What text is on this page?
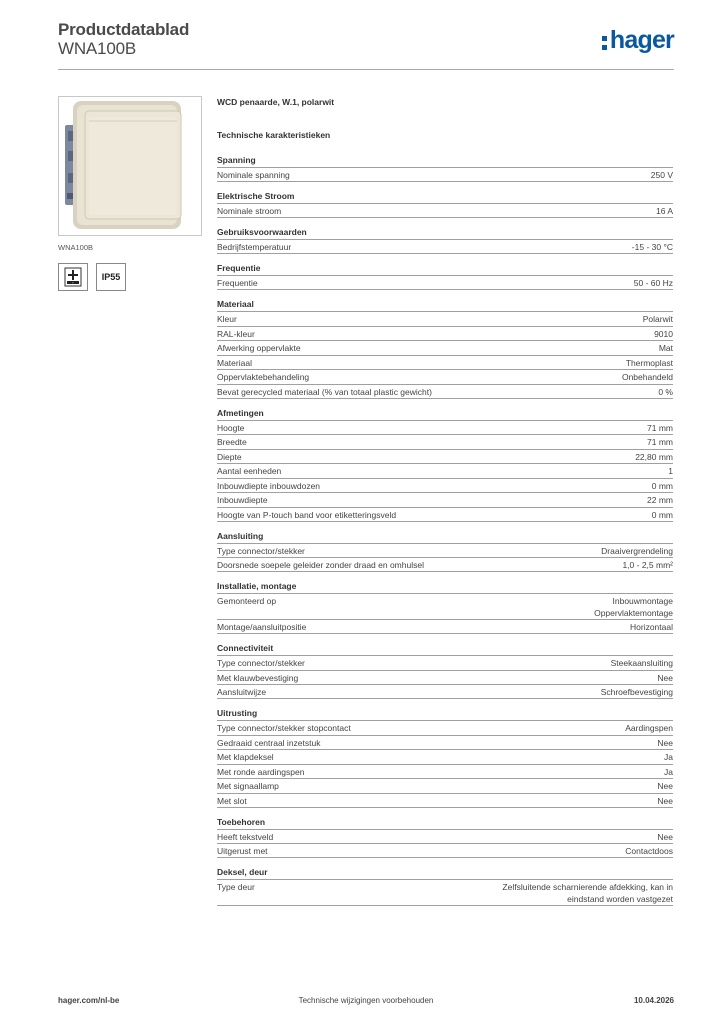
Productdatablad
WNA100B	hager
WNA100B
+
IP55
WCD penaarde, W.1, polarwit
Technische karakteristieken
Spanning
Nominale spanning	250 V
Elektrische Stroom
Nominale stroom	16 A
Gebruiksvoorwaarden
Bedrijfstemperatuur	-15 - 30 °C
Frequentie
Frequentie	50 - 60 Hz
Materiaal
Kleur	Polarwit
RAL-kleur	9010
Afwerking oppervlakte	Mat
Materiaal	Thermoplast
Oppervlaktebehandeling	Onbehandeld
Bevat gerecycled materiaal (% van totaal plastic gewicht)	0 %
Afmetingen
Hoogte	71 mm
Breedte	71 mm
Diepte	22,80 mm
Aantal eenheden	1
Inbouwdiepte inbouwdozen	0 mm
Inbouwdiepte	22 mm
Hoogte van P-touch band voor etiketteringsveld	0 mm
Aansluiting
Type connector/stekker	Draaivergrendeling
Doorsnede soepele geleider zonder draad en omhulsel	1,0 - 2,5 mm²
Installatie, montage
Gemonteerd op	Inbouwmontage
Oppervlaktemontage
Montage/aansluitpositie	Horizontaal
Connectiviteit
Type connector/stekker	Steekaansluiting
Met klauwbevestiging	Nee
Aansluitwijze	Schroefbevestiging
Uitrusting
Type connector/stekker stopcontact	Aardingspen
Gedraaid centraal inzetstuk	Nee
Met klapdeksel	Ja
Met ronde aardingspen	Ja
Met signaallamp	Nee
Met slot	Nee
Toebehoren
Heeft tekstveld	Nee
Uitgerust met	Contactdoos
Deksel, deur
Type deur	Zelfsluitende scharnierende afdekking, kan in
eindstand worden vastgezet
hager.com/nl-be	Technische wijzigingen voorbehouden	10.04.2026
